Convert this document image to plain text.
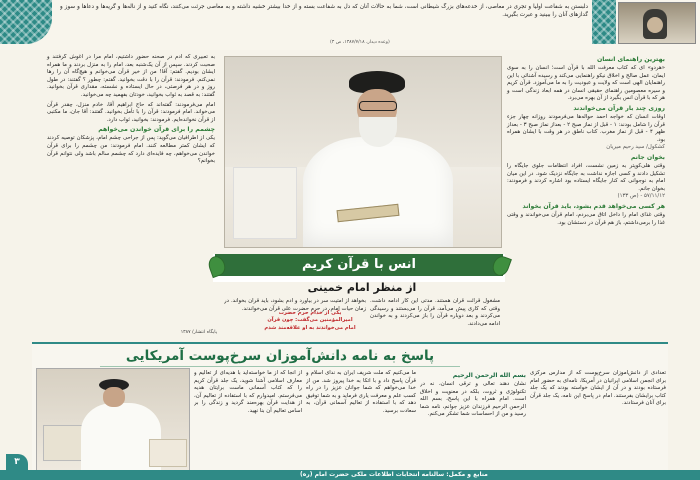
دلبستن به شفاعت اولیا و تجری در معاصی، از خدعه‌های بزرگ شیطانی است، شما به حالات آنان که دل به شفاعت بسته و از خدا بیشتر خشیه داشته و به معاصی جرئت می‌کنند، نگاه کنید و از ناله‌ها و گریه‌ها و دعاها و سوز و گدازهای آنان را ببینید و عبرت بگیرید.
(وعده دیدار، ۱۳۸۷/۷/۱۸، ص ۳)
بهترین راهنمای انسان
«هردو» ای که کتاب معرفت الله با قرآن است؛ انسان را به سوی ایمان، عمل صالح و اخلاق نیکو راهنمایی می‌کند و رسیده آشنائی با این راهنمایان الهی است که ولایت و عبودیت را به ما می‌آموزد. قرآن کریم و سیره معصومین راهنمای حقیقی انسان در همه ابعاد زندگی است و هر که با قرآن انس بگیرد از آن بهره می‌برد.
روزی چند بار قرآن می‌خواندند
اوقات انسان که خواجه احمد حواله‌ها می‌فرمودند روزانه چهار جزء قرآن را شامل بودند: ۱ - قبل از نماز صبح ۲ - بعداز نماز صبح ۳ - بعداز ظهر ۴ - قبل از نماز مغرب. کتاب ناطق در هر وقت با ایشان همراه بود.
کشکول/ سید رحیم میریان
بخوان جانم
وقتی هلی‌کوپتر به زمین نشست، افراد انتظامات جلوی جایگاه را تشکیل دادند و کسی اجازه نداشت به جایگاه نزدیک شود. در این میان امام به نوجوانی که کنار جایگاه ایستاده بود اشاره کردند و فرمودند: بخوان جانم.
۵۷/۱۱/۱۲ - (ص ۱۳۳)
هر کسی می‌خواهد قدم بشود، باید قرآن بخواند
وقتی غذای امام را داخل اتاق می‌بردم، امام قرآن می‌خواندند و وقتی غذا را برمی‌داشتم، باز هم قرآن در دستشان بود.
به تعبیری که آدم در صحنه حضور داشتیم، امام مرا در آغوش گرفتند و صحبت کردند. سپس از آن یک‌شنبه بعد، امام را به منزل بردند و ما همراه ایشان بودیم. گفتم: آقا! من از خیر قرآن می‌خوانم و هیچ‌گاه آن را رها نمی‌کنم. فرمودند: قرآن را با دقت بخوانید. گفتم: چطور ؟ گفتند: در طول روز و در هر فرصتی، در حال ایستاده و نشسته، مقداری قرآن بخوانید. گفتند: به قصد به ثواب بخوانید، خودتان بفهمید چه می‌خوانید.
امام می‌فرمودند: گفته‌اند که حاج ابراهیم آقا، خادم منزل، چقدر قرآن می‌خواند. امام فرمودند: قرآن را با تأمل بخوانید. گفتند: آقا جان، ما مکتبی از قرآن نخوانده‌ایم. فرمودند: بخوانید، ثواب دارد.
چشمم را برای قرآن خواندن می‌خواهم
یکی از اطرافیان می‌گوید: پس از جراحی چشم امام، پزشکان توصیه کردند که ایشان کمتر مطالعه کنند. امام فرمودند: من چشمم را برای قرآن خواندن می‌خواهم، چه فایده‌ای دارد که چشمم سالم باشد ولی نتوانم قرآن بخوانم؟
پایگاه انتشار/ ۱۳۸۷
انس با قرآن کریم
از منظر امام خمینی
مشغول قرائت قرآن هستند. مدتی این کار ادامه داشت. وقتی که کاری پیش می‌آمد، قرآن را می‌بستند و رسیدگی می‌کردند و بعد دوباره قرآن را باز می‌کردند و به خواندن ادامه می‌دادند.
بخواهد از امتیت سر در بیاورد و آدم بشود، باید قرآن بخواند. در زمان حیات امام، در حرم حضرت علی قرآن می‌خواندند.
یکی از خدام حرم حضرت امیرالمؤمنین می‌گفت: چون قرآن امام می‌خواندند به او علاقه‌مند شدم
پاسخ به نامه دانش‌آموزان سرخ‌پوست آمریکایی
تعدادی از دانش‌آموزان سرخ‌پوست که از مدارس مرکزی برای انجمن اسلامی ایرانیان در آمریکا، نامه‌ای به حضور امام فرستاده بودند و در آن از ایشان خواسته بودند که یک جلد کتاب برایشان بفرستند. امام در پاسخ این نامه، یک جلد قرآن برای آنان فرستادند.
بسم الله الرحمن الرحیم
نشان دهند تعالی و ترقی انسان، نه در تکنولوژی و ثروت، بلکه در معنویت و اخلاق است. امام همراه با این پاسخ، بسم الله الرحمن الرحیم فرزندان عزیز جوانم، نامه شما رسید و من از احساسات شما تشکر می‌کنم.
ما می‌کنیم که ملت شریف ایران به ندای اسلام و قرآن پاسخ داد و با اتکا به خدا پیروز شد. من از خدا می‌خواهم که شما جوانان عزیز را در راه کسب علم و معرفت یاری فرماید و به شما توفیق دهد که با استفاده از تعالیم آسمانی قرآن، به سعادت برسید.
از آنجا که از ما خواسته‌اید با هدیه‌ای از تعالیم و معارف اسلامی آشنا شوید، یک جلد قرآن کریم را که کتاب آسمانی ماست برایتان هدیه می‌فرستم. امیدوارم که با استفاده از تعالیم آن، از هدایت قرآن بهره‌مند گردید و زندگی را بر اساس تعالیم آن بنا نهید.
۳
منابع و مکمل: سالنامه انتخابات اطلاعات ملکی حضرت امام (ره)
